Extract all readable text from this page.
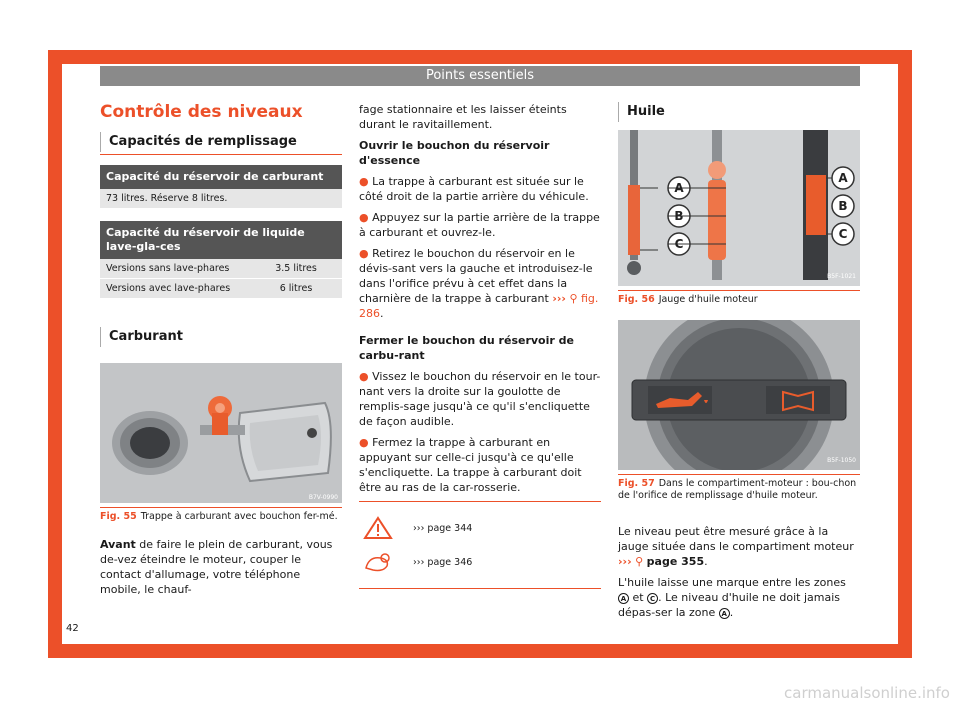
Points essentiels
Contrôle des niveaux
Capacités de remplissage
Capacité du réservoir de carburant
73 litres. Réserve 8 litres.
Capacité du réservoir de liquide lave-gla-ces
Versions sans lave-phares	3.5 litres
Versions avec lave-phares	6 litres
Carburant
B7V-0990
Fig. 55 Trappe à carburant avec bouchon fer-mé.
Avant de faire le plein de carburant, vous de-vez éteindre le moteur, couper le contact d'allumage, votre téléphone mobile, le chauf-
fage stationnaire et les laisser éteints durant le ravitaillement.
Ouvrir le bouchon du réservoir d'essence
● La trappe à carburant est située sur le côté droit de la partie arrière du véhicule.
● Appuyez sur la partie arrière de la trappe à carburant et ouvrez-le.
● Retirez le bouchon du réservoir en le dévis-sant vers la gauche et introduisez-le dans l'orifice prévu à cet effet dans la charnière de la trappe à carburant ››› ⚲ fig. 286.
Fermer le bouchon du réservoir de carbu-rant
● Vissez le bouchon du réservoir en le tour-nant vers la droite sur la goulotte de remplis-sage jusqu'à ce qu'il s'encliquette de façon audible.
● Fermez la trappe à carburant en appuyant sur celle-ci jusqu'à ce qu'elle s'encliquette. La trappe à carburant doit être au ras de la car-rosserie.
››› page 344
››› page 346
Huile
A
B
C
A
B
C
B5F-1021
Fig. 56 Jauge d'huile moteur
B5F-1050
Fig. 57 Dans le compartiment-moteur : bou-chon de l'orifice de remplissage d'huile moteur.
Le niveau peut être mesuré grâce à la jauge située dans le compartiment moteur
››› ⚲ page 355.
L'huile laisse une marque entre les zones A et C . Le niveau d'huile ne doit jamais dépas-ser la zone A .
42
carmanualsonline.info
